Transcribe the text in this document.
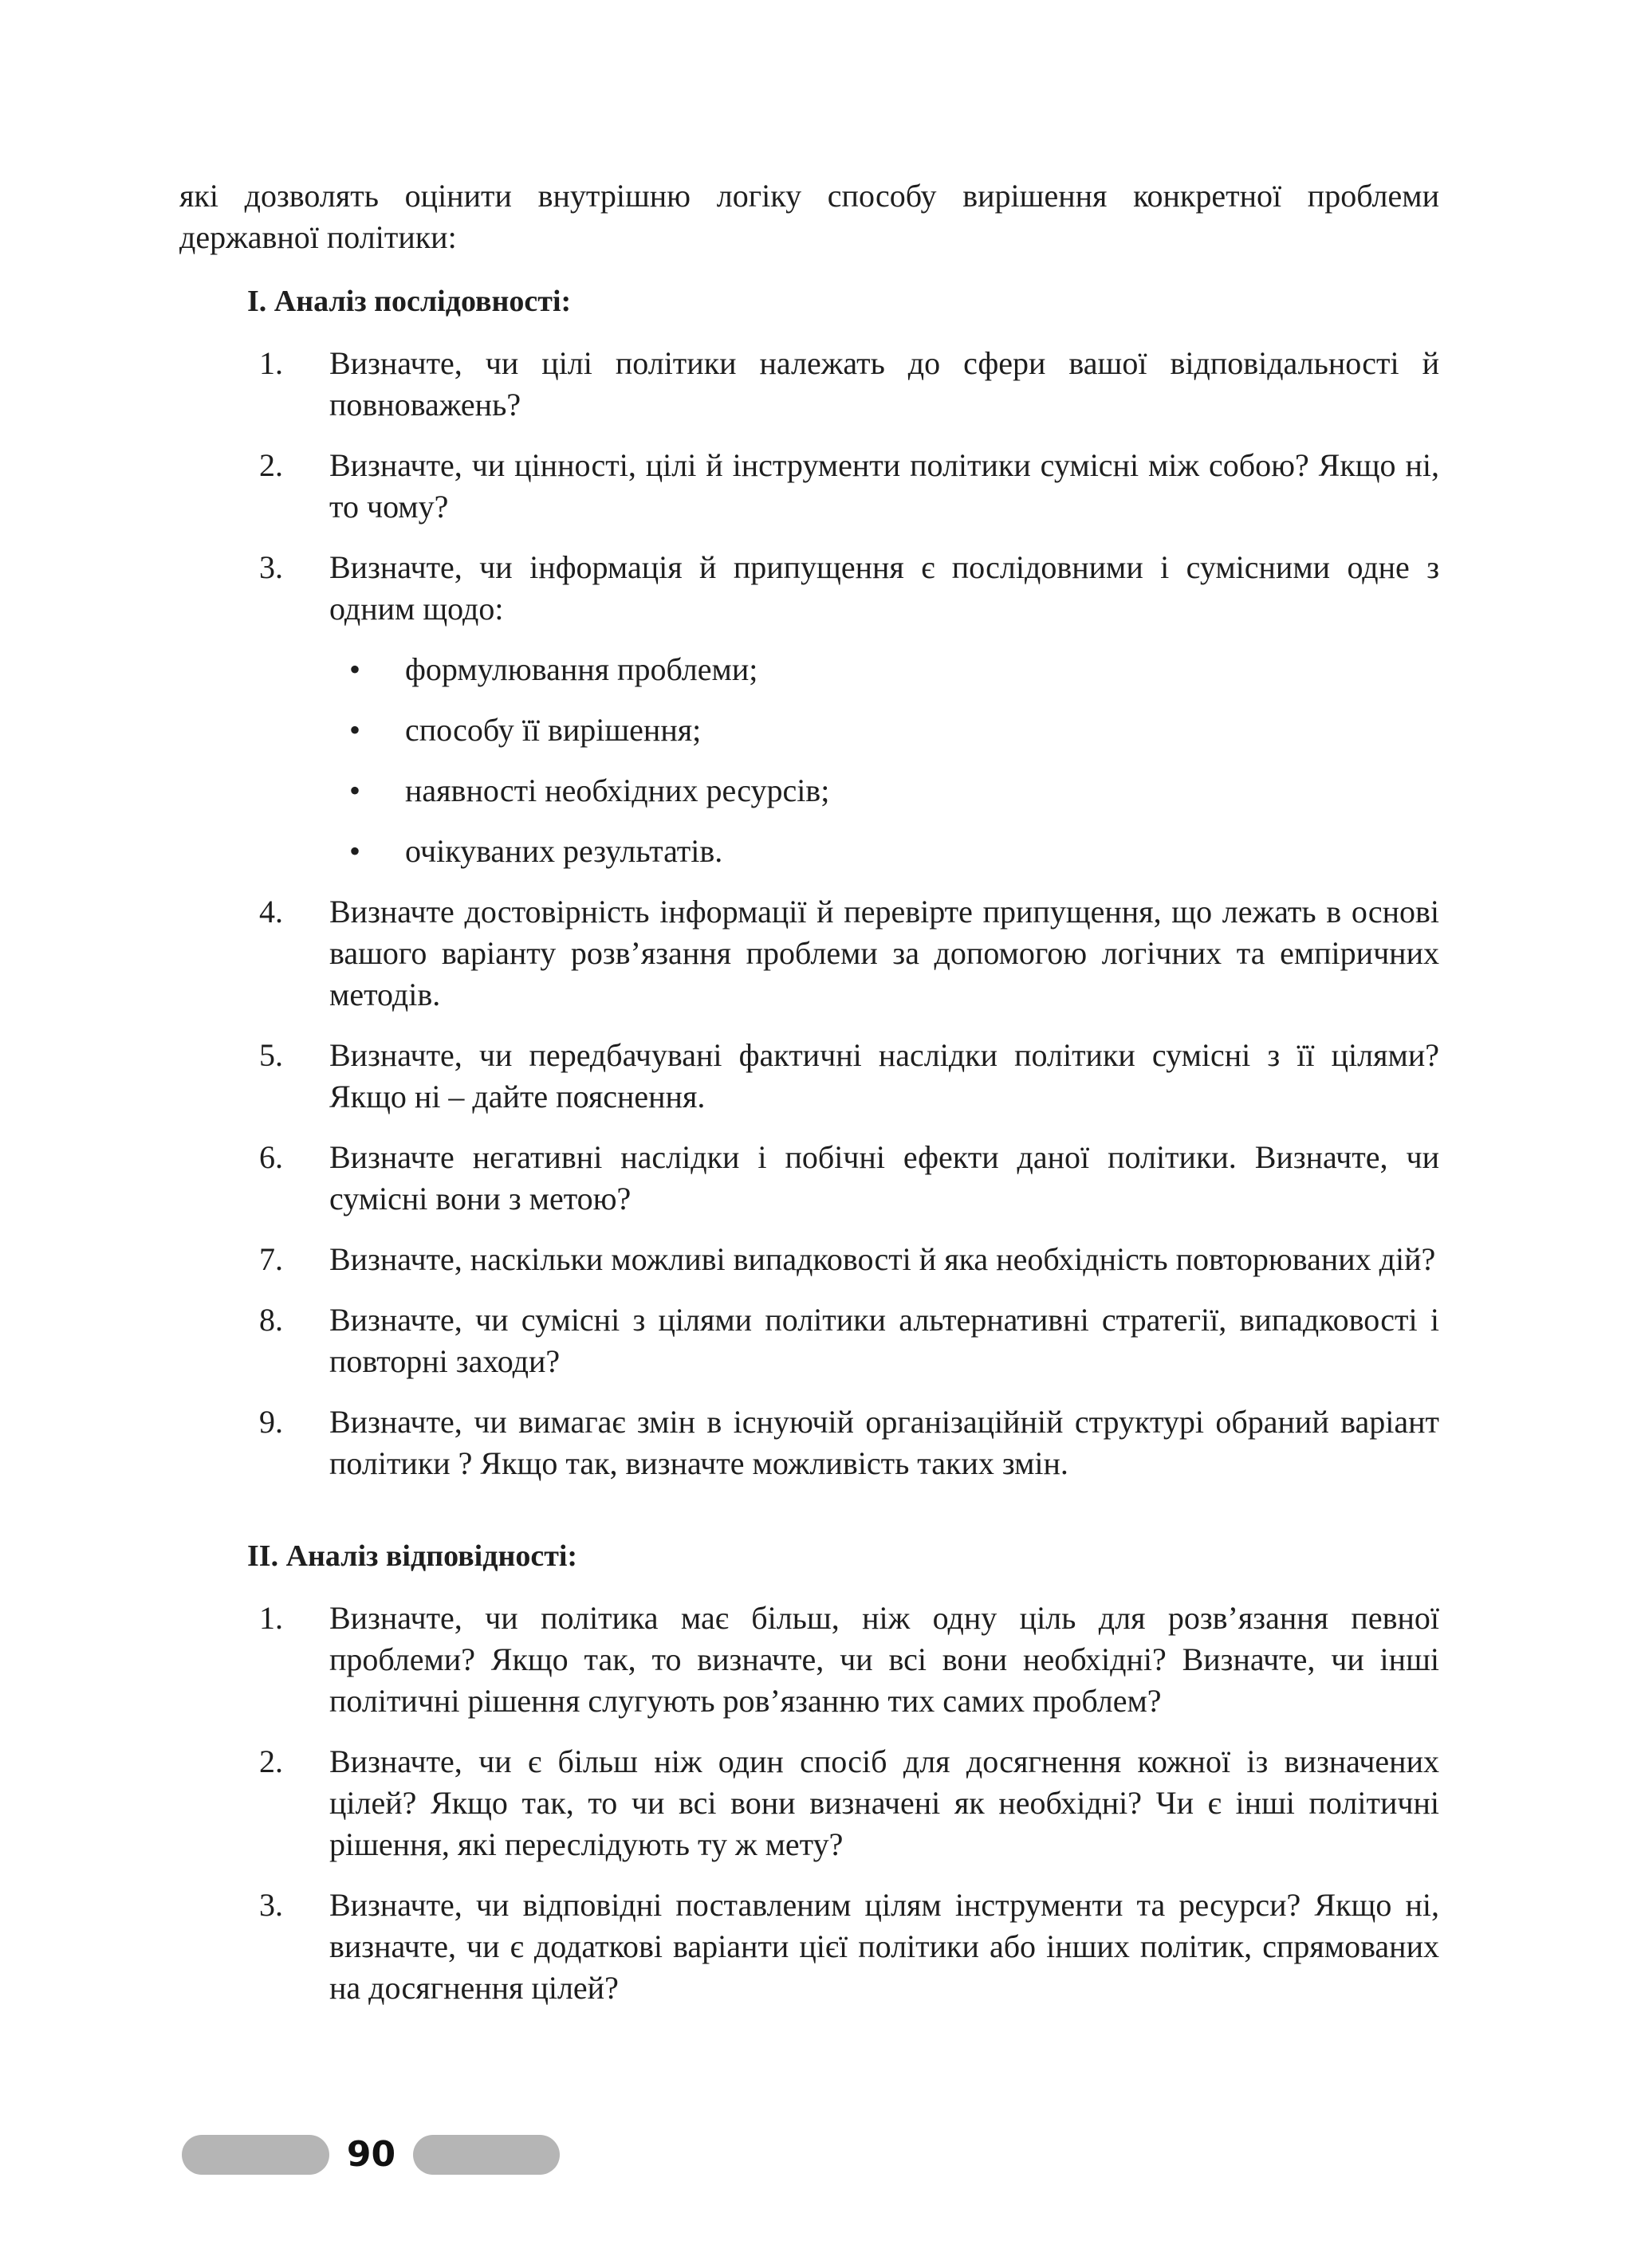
які дозволять оцінити внутрішню логіку способу вирішення конкретної проблеми державної політики:

I. Аналіз послідовності:
1. Визначте, чи цілі політики належать до сфери вашої відповідальності й повноважень?
2. Визначте, чи цінності, цілі й інструменти політики сумісні між собою? Якщо ні, то чому?
3. Визначте, чи інформація й припущення є послідовними і сумісними одне з одним щодо:
• формулювання проблеми;
• способу її вирішення;
• наявності необхідних ресурсів;
• очікуваних результатів.
4. Визначте достовірність інформації й перевірте припущення, що лежать в основі вашого варіанту розв’язання проблеми за допомогою логічних та емпіричних методів.
5. Визначте, чи передбачувані фактичні наслідки політики сумісні з її цілями? Якщо ні – дайте пояснення.
6. Визначте негативні наслідки і побічні ефекти даної політики. Визначте, чи сумісні вони з метою?
7. Визначте, наскільки можливі випадковості й яка необхідність повторюваних дій?
8. Визначте, чи сумісні з цілями політики альтернативні стратегії, випадковості і повторні заходи?
9. Визначте, чи вимагає змін в існуючій організаційній структурі обраний варіант політики ? Якщо так, визначте можливість таких змін.
II. Аналіз відповідності:
1. Визначте, чи політика має більш, ніж одну ціль для розв’язання певної проблеми? Якщо так, то визначте, чи всі вони необхідні? Визначте, чи інші політичні рішення слугують ров’язанню тих самих проблем?
2. Визначте, чи є більш ніж один спосіб для досягнення кожної із визначених цілей? Якщо так, то чи всі вони визначені як необхідні? Чи є інші політичні рішення, які переслідують ту ж мету?
3. Визначте, чи відповідні поставленим цілям інструменти та ресурси? Якщо ні, визначте, чи є додаткові варіанти цієї політики або інших політик, спрямованих на досягнення цілей?
90
